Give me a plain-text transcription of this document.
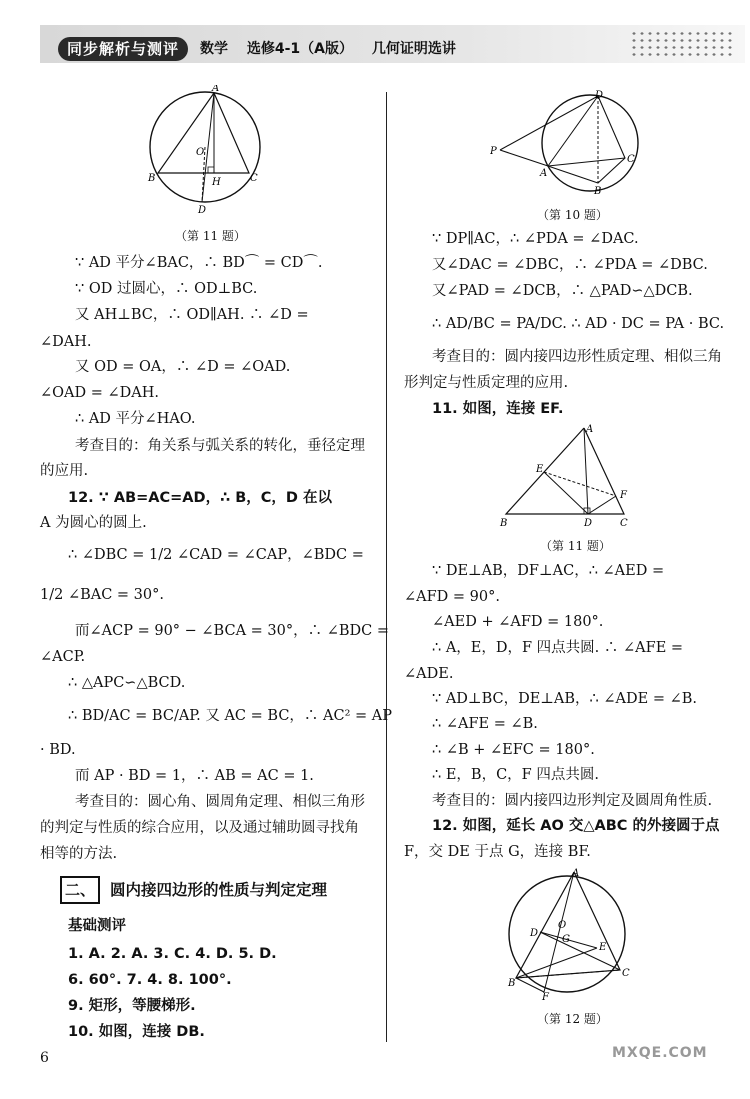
同步解析与测评	数学 选修4-1（A版） 几何证明选讲
A
B	C
D
O
H
（第 11 题）
∵ AD 平分∠BAC，∴ BD⌒ = CD⌒.
∵ OD 过圆心，∴ OD⊥BC.
又 AH⊥BC，∴ OD∥AH. ∴ ∠D =
∠DAH.
又 OD = OA，∴ ∠D = ∠OAD.
∠OAD = ∠DAH.
∴ AD 平分∠HAO.
考查目的：角关系与弧关系的转化，垂径定理
的应用.
12. ∵ AB=AC=AD，∴ B，C，D 在以
A 为圆心的圆上.
∴ ∠DBC = 1/2 ∠CAD = ∠CAP，∠BDC =
1/2 ∠BAC = 30°.
而∠ACP = 90° − ∠BCA = 30°，∴ ∠BDC =
∠ACP.
∴ △APC∽△BCD.
∴ BD/AC = BC/AP. 又 AC = BC，∴ AC² = AP
· BD.
而 AP · BD = 1，∴ AB = AC = 1.
考查目的：圆心角、圆周角定理、相似三角形
的判定与性质的综合应用，以及通过辅助圆寻找角
相等的方法.
二、 圆内接四边形的性质与判定定理
基础测评
1. A. 2. A. 3. C. 4. D. 5. D.
6. 60°. 7. 4. 8. 100°.
9. 矩形，等腰梯形.
10. 如图，连接 DB.
D
P
C
B
A
（第 10 题）
∵ DP∥AC，∴ ∠PDA = ∠DAC.
又∠DAC = ∠DBC，∴ ∠PDA = ∠DBC.
又∠PAD = ∠DCB，∴ △PAD∽△DCB.
∴ AD/BC = PA/DC. ∴ AD · DC = PA · BC.
考查目的：圆内接四边形性质定理、相似三角
形判定与性质定理的应用.
11. 如图，连接 EF.
A
E
F
B	D	C
（第 11 题）
∵ DE⊥AB，DF⊥AC，∴ ∠AED =
∠AFD = 90°.
∠AED + ∠AFD = 180°.
∴ A，E，D，F 四点共圆. ∴ ∠AFE =
∠ADE.
∵ AD⊥BC，DE⊥AB，∴ ∠ADE = ∠B.
∴ ∠AFE = ∠B.
∴ ∠B + ∠EFC = 180°.
∴ E，B，C，F 四点共圆.
考查目的：圆内接四边形判定及圆周角性质.
12. 如图，延长 AO 交△ABC 的外接圆于点
F，交 DE 于点 G，连接 BF.
A
D
O
G
E
B
C
F
（第 12 题）
6	MXQE.COM
